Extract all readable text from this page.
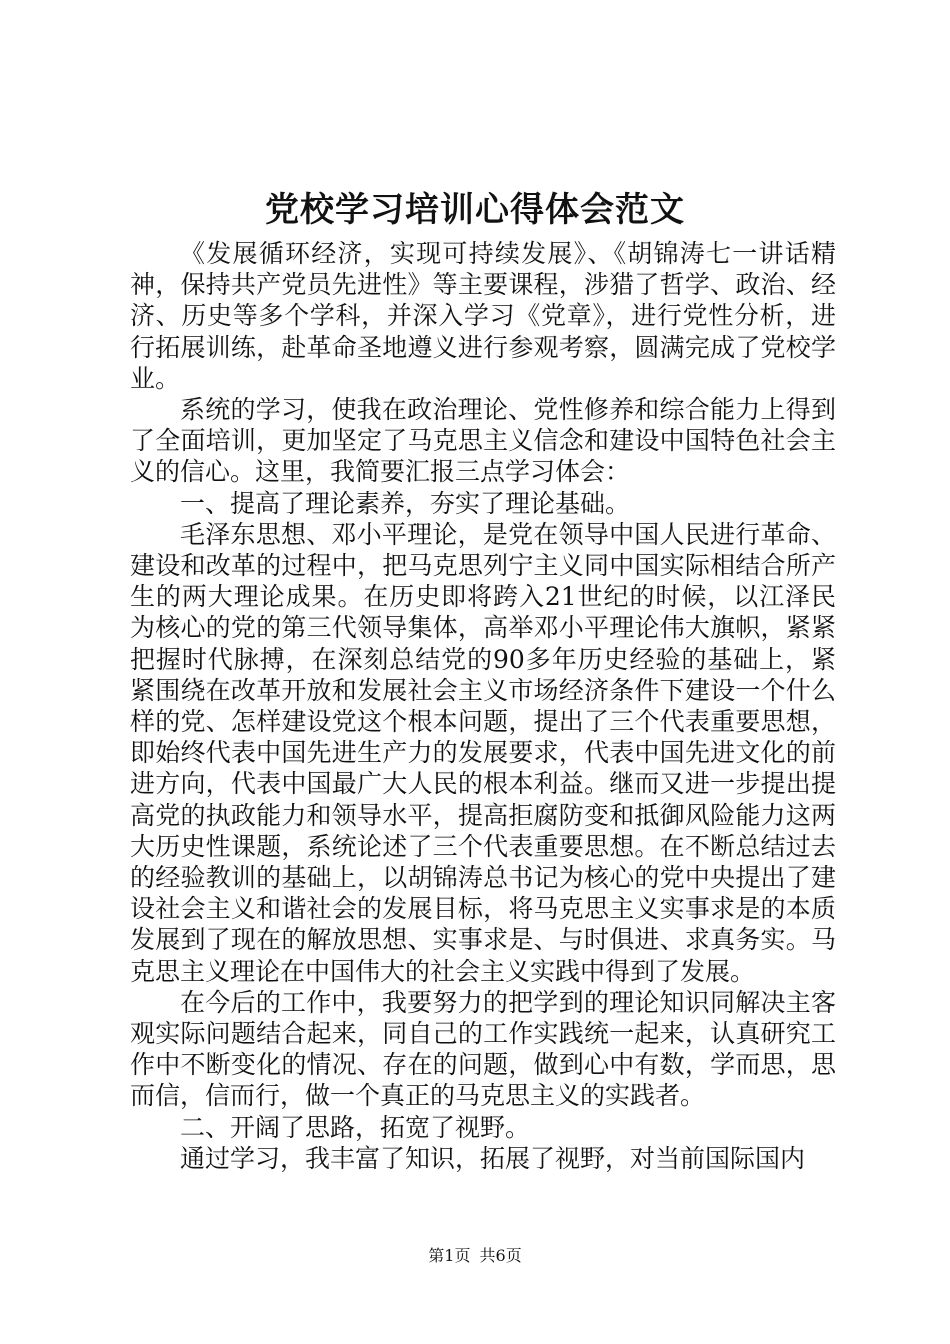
党校学习培训心得体会范文

《发展循环经济，实现可持续发展》、《胡锦涛七一讲话精神，保持共产党员先进性》等主要课程，涉猎了哲学、政治、经济、历史等多个学科，并深入学习《党章》，进行党性分析，进行拓展训练，赴革命圣地遵义进行参观考察，圆满完成了党校学业。

系统的学习，使我在政治理论、党性修养和综合能力上得到了全面培训，更加坚定了马克思主义信念和建设中国特色社会主义的信心。这里，我简要汇报三点学习体会：

一、提高了理论素养，夯实了理论基础。

毛泽东思想、邓小平理论，是党在领导中国人民进行革命、建设和改革的过程中，把马克思列宁主义同中国实际相结合所产生的两大理论成果。在历史即将跨入21世纪的时候，以江泽民为核心的党的第三代领导集体，高举邓小平理论伟大旗帜，紧紧把握时代脉搏，在深刻总结党的90多年历史经验的基础上，紧紧围绕在改革开放和发展社会主义市场经济条件下建设一个什么样的党、怎样建设党这个根本问题，提出了三个代表重要思想，即始终代表中国先进生产力的发展要求，代表中国先进文化的前进方向，代表中国最广大人民的根本利益。继而又进一步提出提高党的执政能力和领导水平，提高拒腐防变和抵御风险能力这两大历史性课题，系统论述了三个代表重要思想。在不断总结过去的经验教训的基础上，以胡锦涛总书记为核心的党中央提出了建设社会主义和谐社会的发展目标，将马克思主义实事求是的本质发展到了现在的解放思想、实事求是、与时俱进、求真务实。马克思主义理论在中国伟大的社会主义实践中得到了发展。

在今后的工作中，我要努力的把学到的理论知识同解决主客观实际问题结合起来，同自己的工作实践统一起来，认真研究工作中不断变化的情况、存在的问题，做到心中有数，学而思，思而信，信而行，做一个真正的马克思主义的实践者。

二、开阔了思路，拓宽了视野。

通过学习，我丰富了知识，拓展了视野，对当前国际国内

第1页 共6页
